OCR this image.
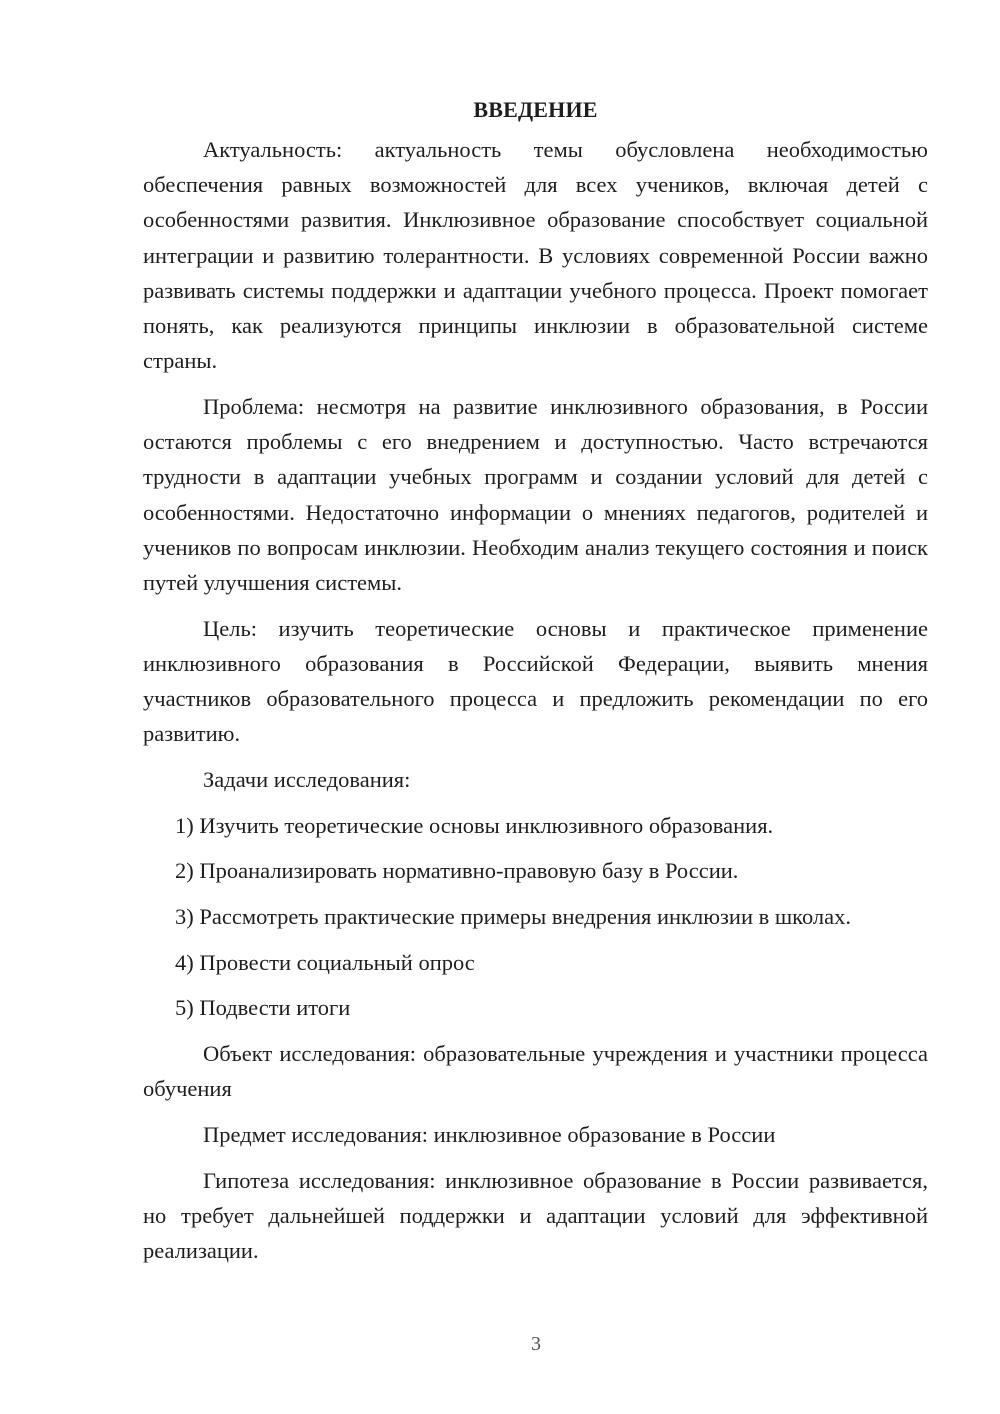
ВВЕДЕНИЕ

Актуальность: актуальность темы обусловлена необходимостью обеспечения равных возможностей для всех учеников, включая детей с особенностями развития. Инклюзивное образование способствует социальной интеграции и развитию толерантности. В условиях современной России важно развивать системы поддержки и адаптации учебного процесса. Проект помогает понять, как реализуются принципы инклюзии в образовательной системе страны.

Проблема: несмотря на развитие инклюзивного образования, в России остаются проблемы с его внедрением и доступностью. Часто встречаются трудности в адаптации учебных программ и создании условий для детей с особенностями. Недостаточно информации о мнениях педагогов, родителей и учеников по вопросам инклюзии. Необходим анализ текущего состояния и поиск путей улучшения системы.

Цель: изучить теоретические основы и практическое применение инклюзивного образования в Российской Федерации, выявить мнения участников образовательного процесса и предложить рекомендации по его развитию.

Задачи исследования:

1) Изучить теоретические основы инклюзивного образования.

2) Проанализировать нормативно-правовую базу в России.

3) Рассмотреть практические примеры внедрения инклюзии в школах.

4) Провести социальный опрос

5) Подвести итоги

Объект исследования: образовательные учреждения и участники процесса обучения

Предмет исследования: инклюзивное образование в России

Гипотеза исследования: инклюзивное образование в России развивается, но требует дальнейшей поддержки и адаптации условий для эффективной реализации.

3
